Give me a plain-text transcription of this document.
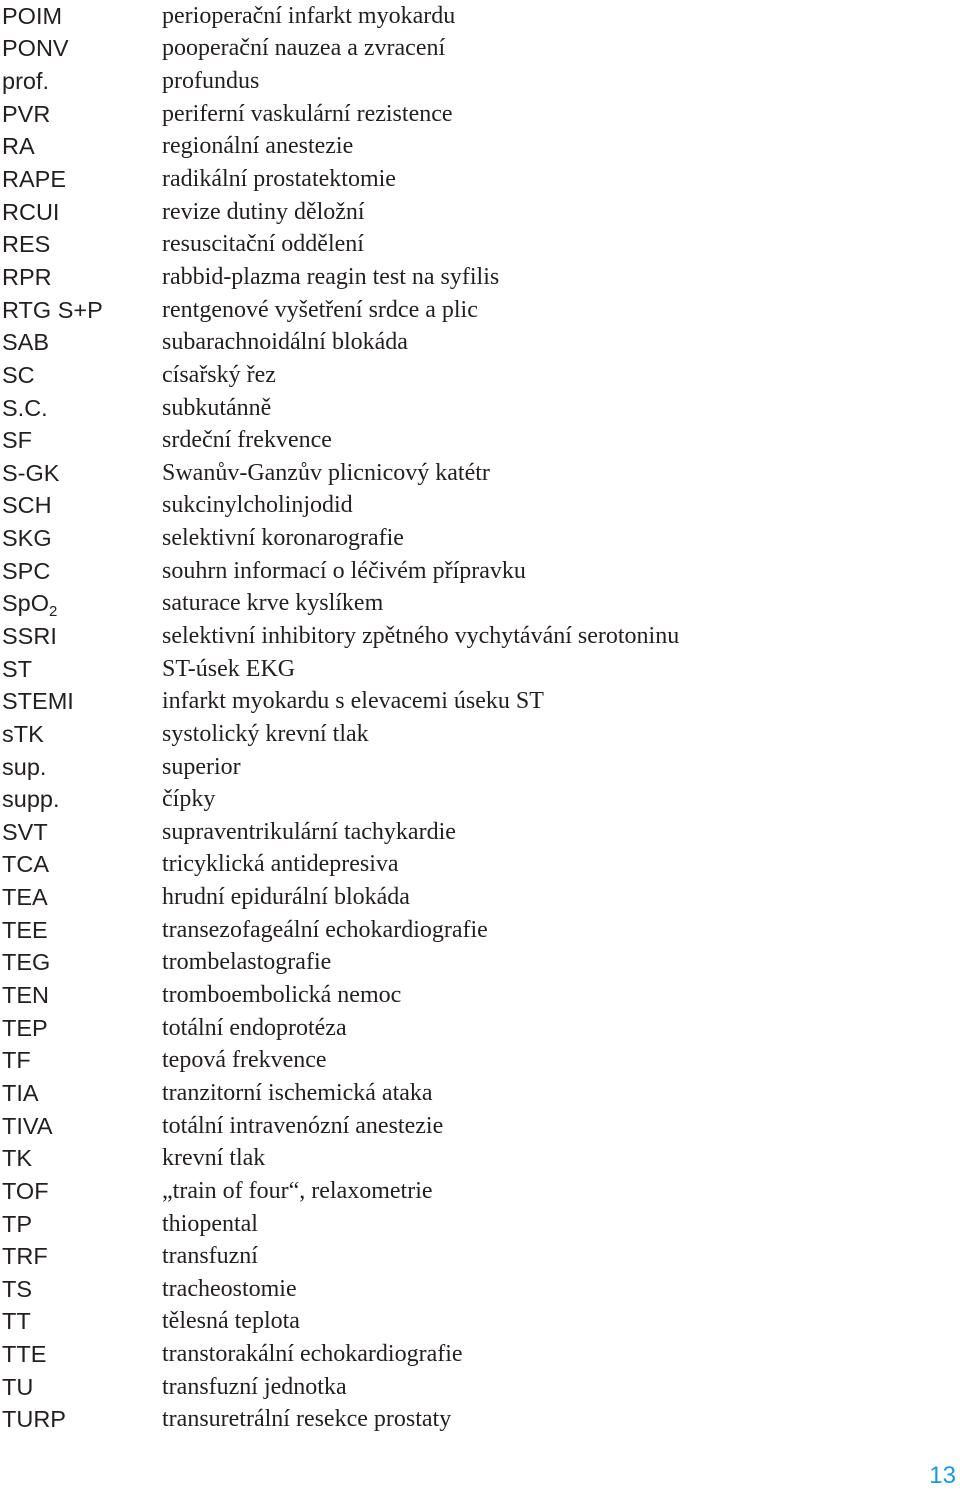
POIM	perioperační infarkt myokardu
PONV	pooperační nauzea a zvracení
prof.	profundus
PVR	periferní vaskulární rezistence
RA	regionální anestezie
RAPE	radikální prostatektomie
RCUI	revize dutiny děložní
RES	resuscitační oddělení
RPR	rabbid-plazma reagin test na syfilis
RTG S+P	rentgenové vyšetření srdce a plic
SAB	subarachnoidální blokáda
SC	císařský řez
S.C.	subkutánně
SF	srdeční frekvence
S-GK	Swanův-Ganzův plicnicový katétr
SCH	sukcinylcholinjodid
SKG	selektivní koronarografie
SPC	souhrn informací o léčivém přípravku
SpO$_2$	saturace krve kyslíkem
SSRI	selektivní inhibitory zpětného vychytávání serotoninu
ST	ST-úsek EKG
STEMI	infarkt myokardu s elevacemi úseku ST
sTK	systolický krevní tlak
sup.	superior
supp.	čípky
SVT	supraventrikulární tachykardie
TCA	tricyklická antidepresiva
TEA	hrudní epidurální blokáda
TEE	transezofageální echokardiografie
TEG	trombelastografie
TEN	tromboembolická nemoc
TEP	totální endoprotéza
TF	tepová frekvence
TIA	tranzitorní ischemická ataka
TIVA	totální intravenózní anestezie
TK	krevní tlak
TOF	„train of four“, relaxometrie
TP	thiopental
TRF	transfuzní
TS	tracheostomie
TT	tělesná teplota
TTE	transtorakální echokardiografie
TU	transfuzní jednotka
TURP	transuretrální resekce prostaty
13
